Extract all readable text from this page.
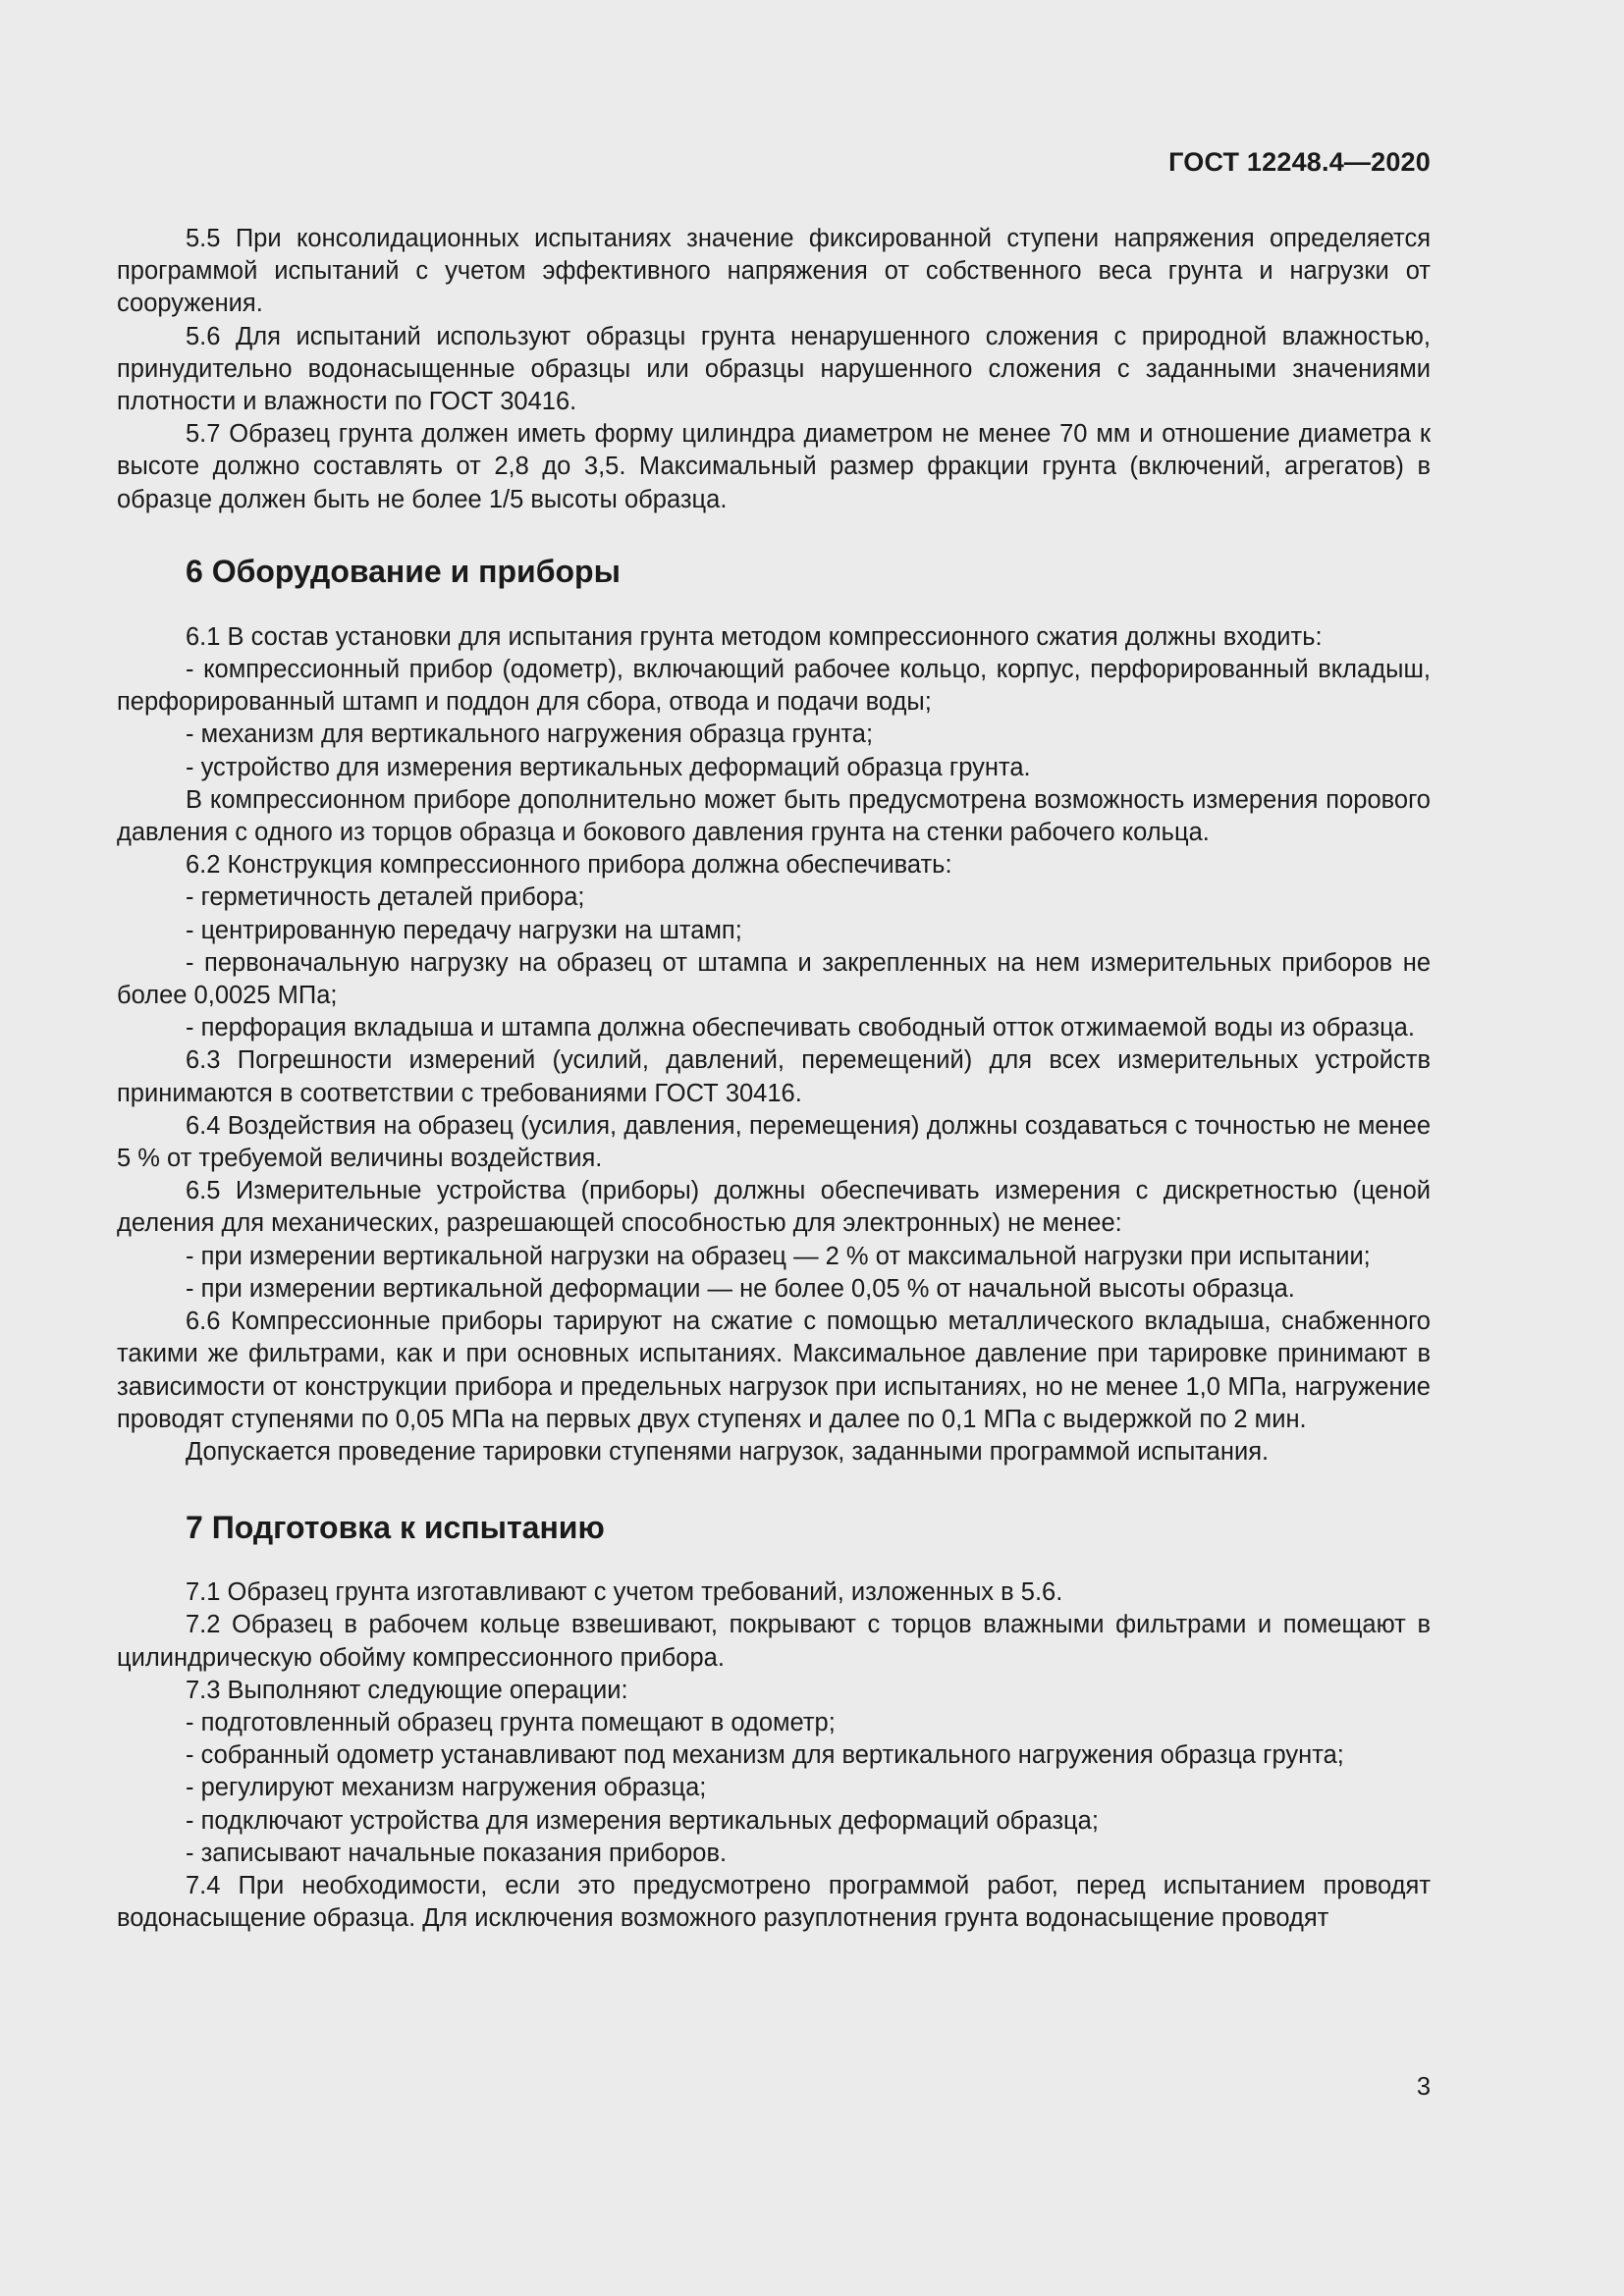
ГОСТ 12248.4—2020

5.5 При консолидационных испытаниях значение фиксированной ступени напряжения определяется программой испытаний с учетом эффективного напряжения от собственного веса грунта и нагрузки от сооружения.

5.6 Для испытаний используют образцы грунта ненарушенного сложения с природной влажностью, принудительно водонасыщенные образцы или образцы нарушенного сложения с заданными значениями плотности и влажности по ГОСТ 30416.

5.7 Образец грунта должен иметь форму цилиндра диаметром не менее 70 мм и отношение диаметра к высоте должно составлять от 2,8 до 3,5. Максимальный размер фракции грунта (включений, агрегатов) в образце должен быть не более 1/5 высоты образца.

6 Оборудование и приборы

6.1 В состав установки для испытания грунта методом компрессионного сжатия должны входить:

- компрессионный прибор (одометр), включающий рабочее кольцо, корпус, перфорированный вкладыш, перфорированный штамп и поддон для сбора, отвода и подачи воды;

- механизм для вертикального нагружения образца грунта;

- устройство для измерения вертикальных деформаций образца грунта.

В компрессионном приборе дополнительно может быть предусмотрена возможность измерения порового давления с одного из торцов образца и бокового давления грунта на стенки рабочего кольца.

6.2 Конструкция компрессионного прибора должна обеспечивать:

- герметичность деталей прибора;

- центрированную передачу нагрузки на штамп;

- первоначальную нагрузку на образец от штампа и закрепленных на нем измерительных приборов не более 0,0025 МПа;

- перфорация вкладыша и штампа должна обеспечивать свободный отток отжимаемой воды из образца.

6.3 Погрешности измерений (усилий, давлений, перемещений) для всех измерительных устройств принимаются в соответствии с требованиями ГОСТ 30416.

6.4 Воздействия на образец (усилия, давления, перемещения) должны создаваться с точностью не менее 5 % от требуемой величины воздействия.

6.5 Измерительные устройства (приборы) должны обеспечивать измерения с дискретностью (ценой деления для механических, разрешающей способностью для электронных) не менее:

- при измерении вертикальной нагрузки на образец — 2 % от максимальной нагрузки при испытании;

- при измерении вертикальной деформации — не более 0,05 % от начальной высоты образца.

6.6 Компрессионные приборы тарируют на сжатие с помощью металлического вкладыша, снабженного такими же фильтрами, как и при основных испытаниях. Максимальное давление при тарировке принимают в зависимости от конструкции прибора и предельных нагрузок при испытаниях, но не менее 1,0 МПа, нагружение проводят ступенями по 0,05 МПа на первых двух ступенях и далее по 0,1 МПа с выдержкой по 2 мин.

Допускается проведение тарировки ступенями нагрузок, заданными программой испытания.

7 Подготовка к испытанию

7.1 Образец грунта изготавливают с учетом требований, изложенных в 5.6.

7.2 Образец в рабочем кольце взвешивают, покрывают с торцов влажными фильтрами и помещают в цилиндрическую обойму компрессионного прибора.

7.3 Выполняют следующие операции:

- подготовленный образец грунта помещают в одометр;

- собранный одометр устанавливают под механизм для вертикального нагружения образца грунта;

- регулируют механизм нагружения образца;

- подключают устройства для измерения вертикальных деформаций образца;

- записывают начальные показания приборов.

7.4 При необходимости, если это предусмотрено программой работ, перед испытанием проводят водонасыщение образца. Для исключения возможного разуплотнения грунта водонасыщение проводят

3
